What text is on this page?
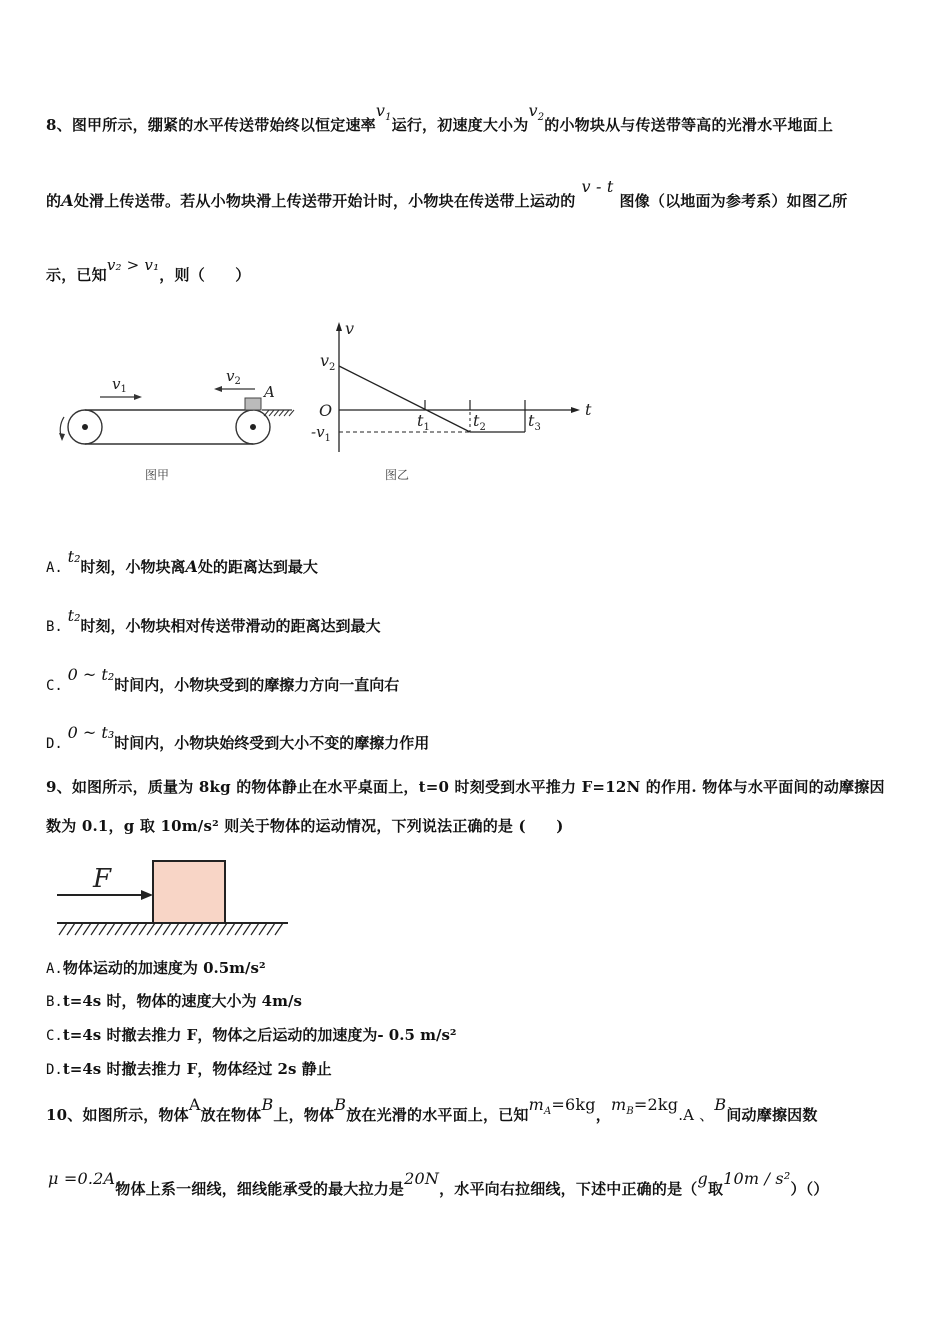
8、图甲所示，绷紧的水平传送带始终以恒定速率$v_1$运行，初速度大小为$v_2$的小物块从与传送带等高的光滑水平地面上
的A处滑上传送带。若从小物块滑上传送带开始计时，小物块在传送带上运动的v - t图像（以地面为参考系）如图乙所
示，已知v₂ > v₁，则（　　）
$v_1$
$v_2$
A
图甲
v
t
O
$v_2$
$-v_1$
$t_1$	$t_2$	$t_3$
图乙
A. t₂时刻，小物块离A处的距离达到最大
B. t₂时刻，小物块相对传送带滑动的距离达到最大
C. 0 ~ t₂时间内，小物块受到的摩擦力方向一直向右
D. 0 ~ t₃时间内，小物块始终受到大小不变的摩擦力作用
9、如图所示，质量为 8kg 的物体静止在水平桌面上，t=0 时刻受到水平推力 F=12N 的作用. 物体与水平面间的动摩擦因
数为 0.1，g 取 10m/s² 则关于物体的运动情况，下列说法正确的是 (　　)
F
A.物体运动的加速度为 0.5m/s²
B.t=4s 时，物体的速度大小为 4m/s
C.t=4s 时撤去推力 F，物体之后运动的加速度为- 0.5 m/s²
D.t=4s 时撤去推力 F，物体经过 2s 静止
10、如图所示，物体A放在物体B上，物体B放在光滑的水平面上，已知$m_A=6kg$，$m_B=2kg.A$ 、B间动摩擦因数
μ =0.2A物体上系一细线，细线能承受的最大拉力是20N，水平向右拉细线，下述中正确的是（g取10m / s²）（）
